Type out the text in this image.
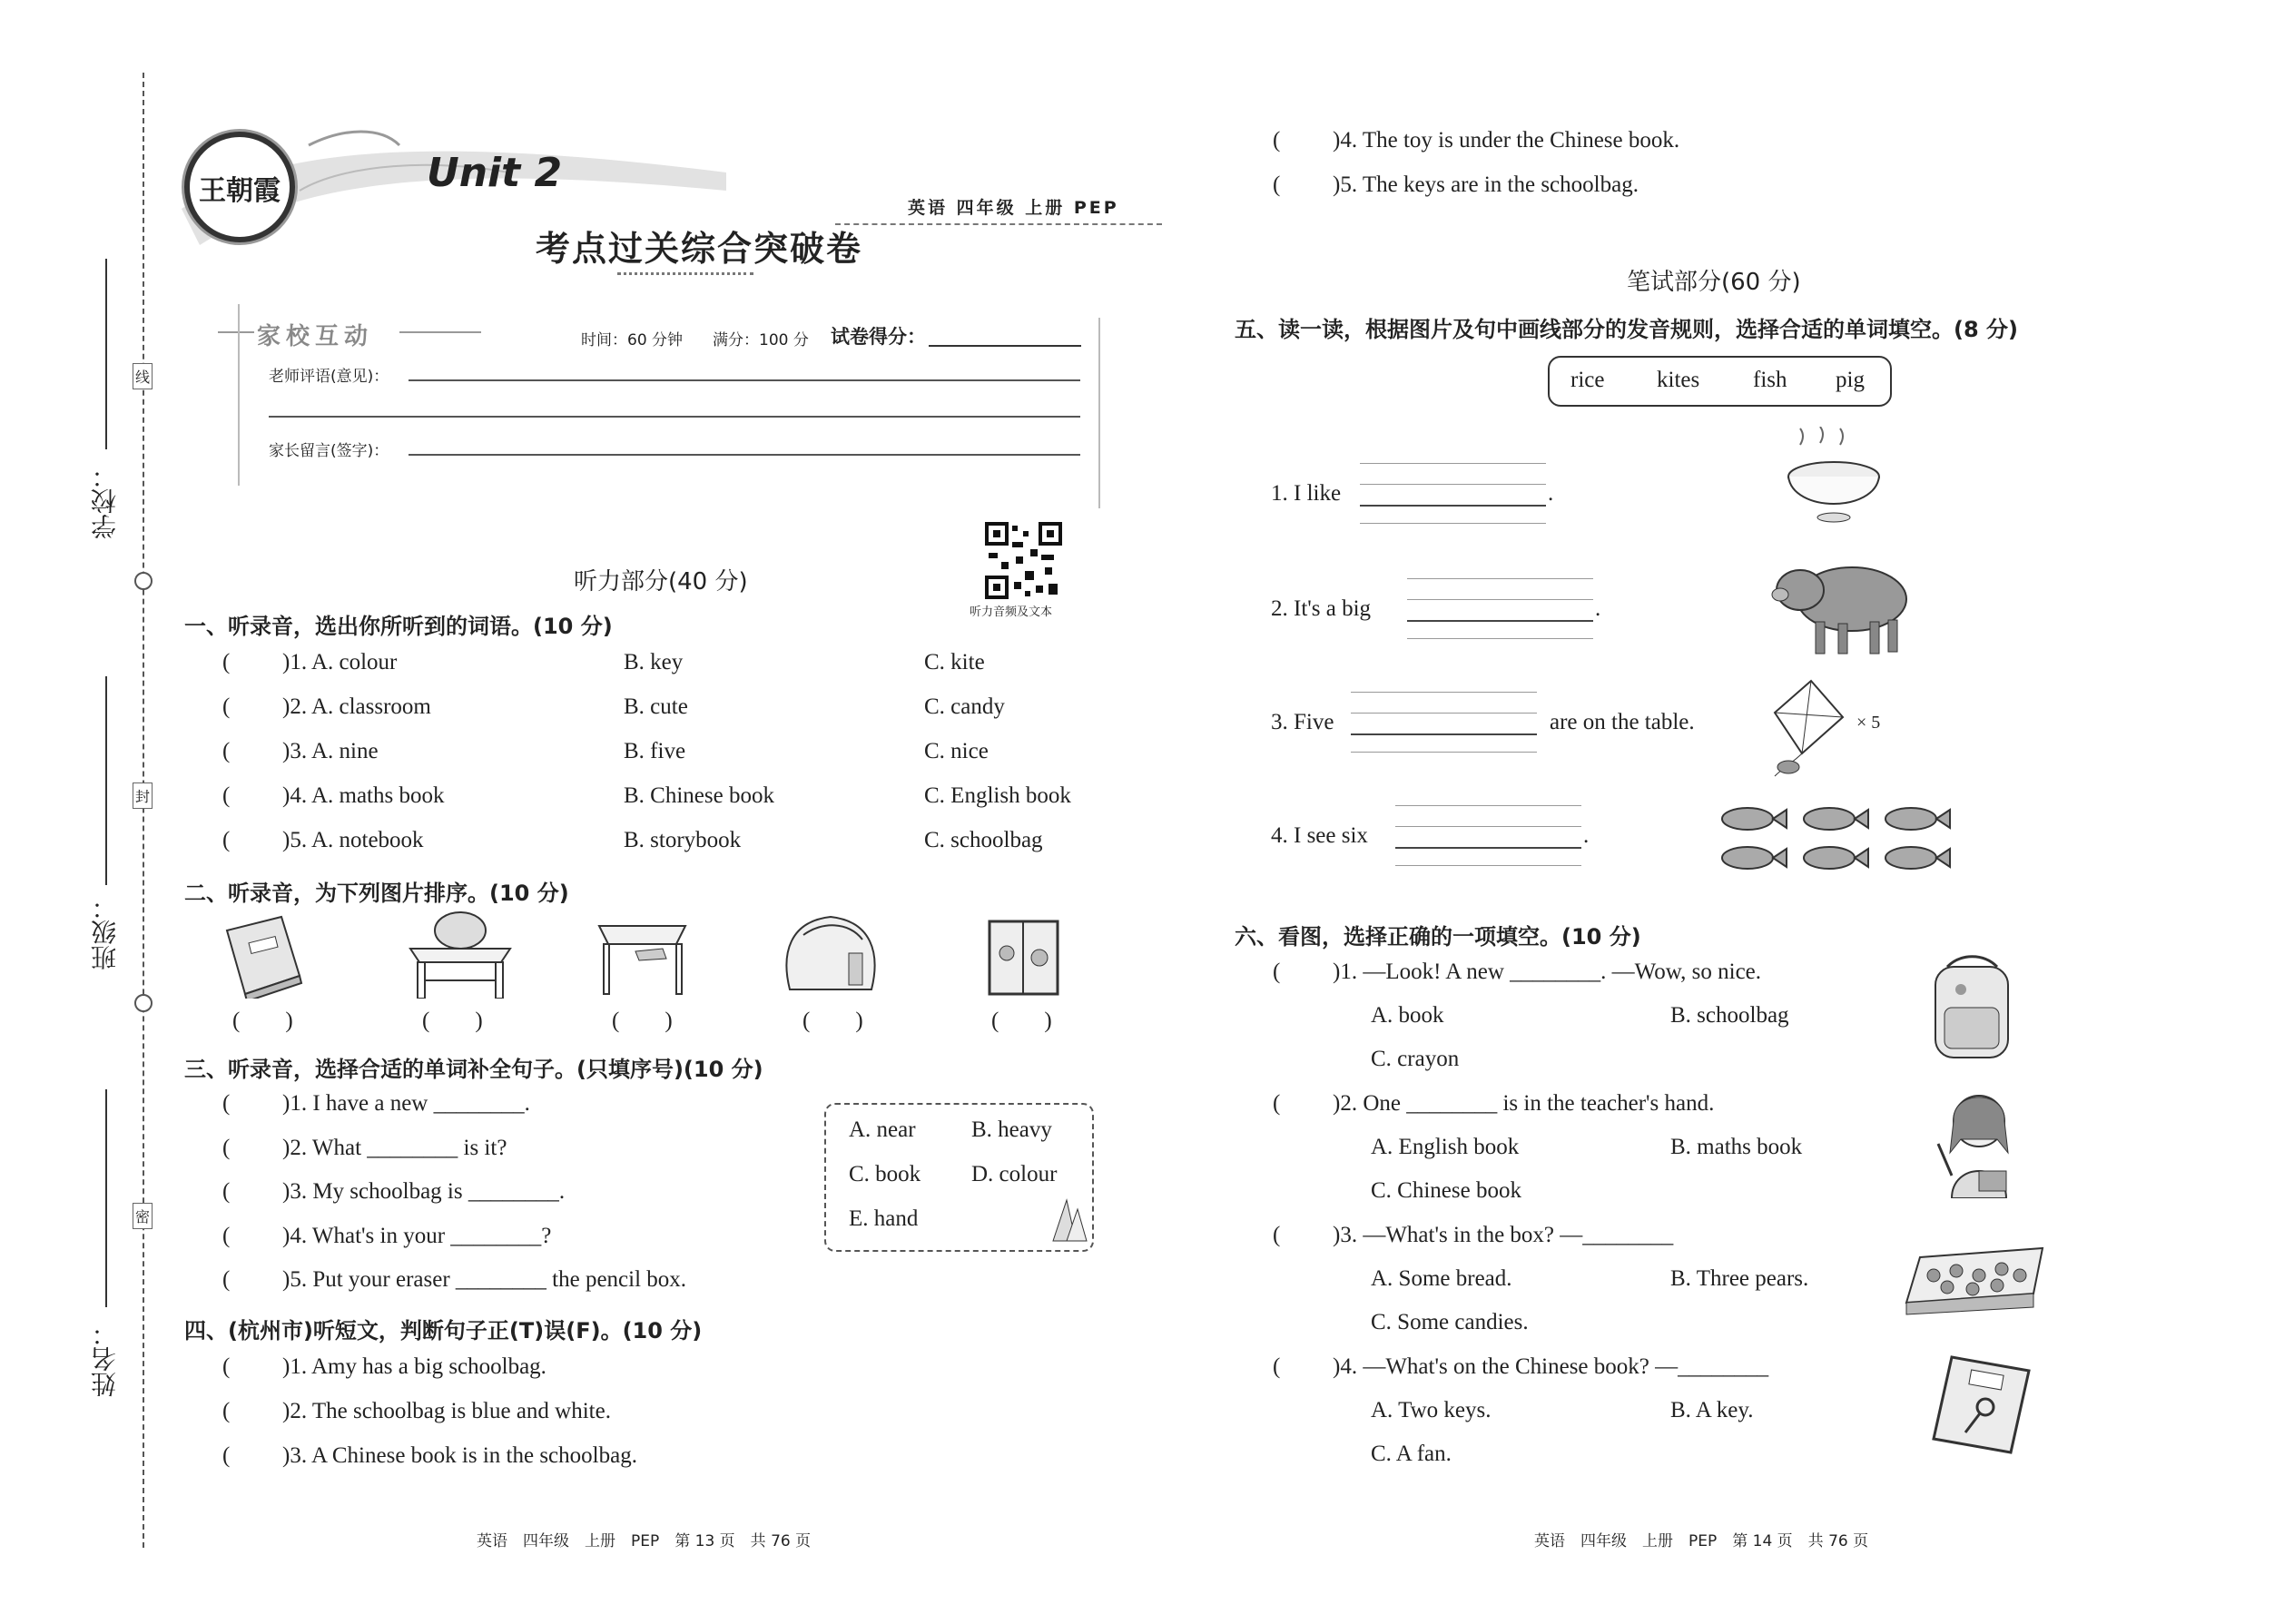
学校：
班级：
姓名：
线
封
密
王朝霞	Unit 2
考点过关综合突破卷
英语 四年级 上册 PEP
家校互动	时间：60 分钟 满分：100 分 试卷得分：
老师评语(意见)：
家长留言(签字)：
听力音频及文本
听力部分(40 分)
一、听录音，选出你所听到的词语。(10 分)
( )1. A. colour	B. key	C. kite
( )2. A. classroom	B. cute	C. candy
( )3. A. nine	B. five	C. nice
( )4. A. maths book	B. Chinese book	C. English book
( )5. A. notebook	B. storybook	C. schoolbag
二、听录音，为下列图片排序。(10 分)
(　　)	(　　)	(　　)	(　　)	(　　)
三、听录音，选择合适的单词补全句子。(只填序号)(10 分)
( )1. I have a new ________.
( )2. What ________ is it?
( )3. My schoolbag is ________.
( )4. What's in your ________?
( )5. Put your eraser ________ the pencil box.
A. near B. heavy
C. book D. colour
E. hand
四、(杭州市)听短文，判断句子正(T)误(F)。(10 分)
( )1. Amy has a big schoolbag.
( )2. The schoolbag is blue and white.
( )3. A Chinese book is in the schoolbag.
英语　四年级　上册　PEP　第 13 页　共 76 页
( )4. The toy is under the Chinese book.
( )5. The keys are in the schoolbag.
笔试部分(60 分)
五、读一读，根据图片及句中画线部分的发音规则，选择合适的单词填空。(8 分)
rice kites fish pig
1. I like	.
2. It's a big	.
3. Five	are on the table.	× 5
4. I see six	.
六、看图，选择正确的一项填空。(10 分)
( )1. —Look! A new ________. —Wow, so nice.
A. book	B. schoolbag
C. crayon
( )2. One ________ is in the teacher's hand.
A. English book	B. maths book
C. Chinese book
( )3. —What's in the box? —________
A. Some bread.	B. Three pears.
C. Some candies.
( )4. —What's on the Chinese book? —________
A. Two keys.	B. A key.
C. A fan.
英语　四年级　上册　PEP　第 14 页　共 76 页
